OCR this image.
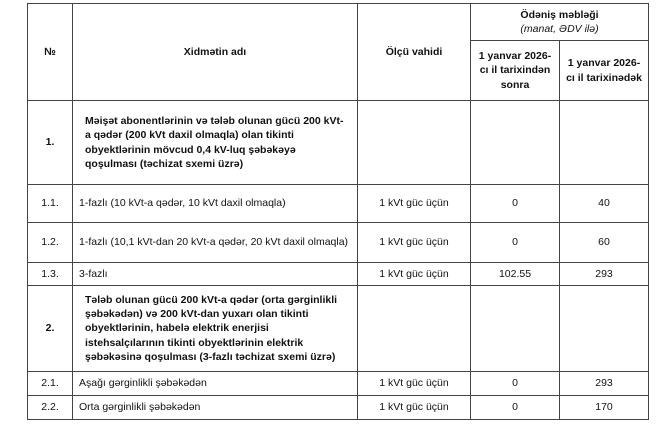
№	Xidmətin adı	Ölçü vahidi	Ödəniş məbləği
(manat, ƏDV ilə)	

			1 yanvar 2026-cı il tarixindən sonra	1 yanvar 2026-cı il tarixinədək
1.	Məişət abonentlərinin və tələb olunan gücü 200 kVt-a qədər (200 kVt daxil olmaqla) olan tikinti obyektlərinin mövcud 0,4 kV-luq şəbəkəyə qoşulması (təchizat sxemi üzrə)			
1.1.	1-fazlı (10 kVt-a qədər, 10 kVt daxil olmaqla)	1 kVt güc üçün	0	40
1.2.	1-fazlı (10,1 kVt-dan 20 kVt-a qədər, 20 kVt daxil olmaqla)	1 kVt güc üçün	0	60
1.3.	3-fazlı	1 kVt güc üçün	102.55	293
2.	Tələb olunan gücü 200 kVt-a qədər (orta gərginlikli şəbəkədən) və 200 kVt-dan yuxarı olan tikinti obyektlərinin, habelə elektrik enerjisi istehsalçılarının tikinti obyektlərinin elektrik şəbəkəsinə qoşulması (3-fazlı təchizat sxemi üzrə)			
2.1.	Aşağı gərginlikli şəbəkədən	1 kVt güc üçün	0	293
2.2.	Orta gərginlikli şəbəkədən	1 kVt güc üçün	0	170
